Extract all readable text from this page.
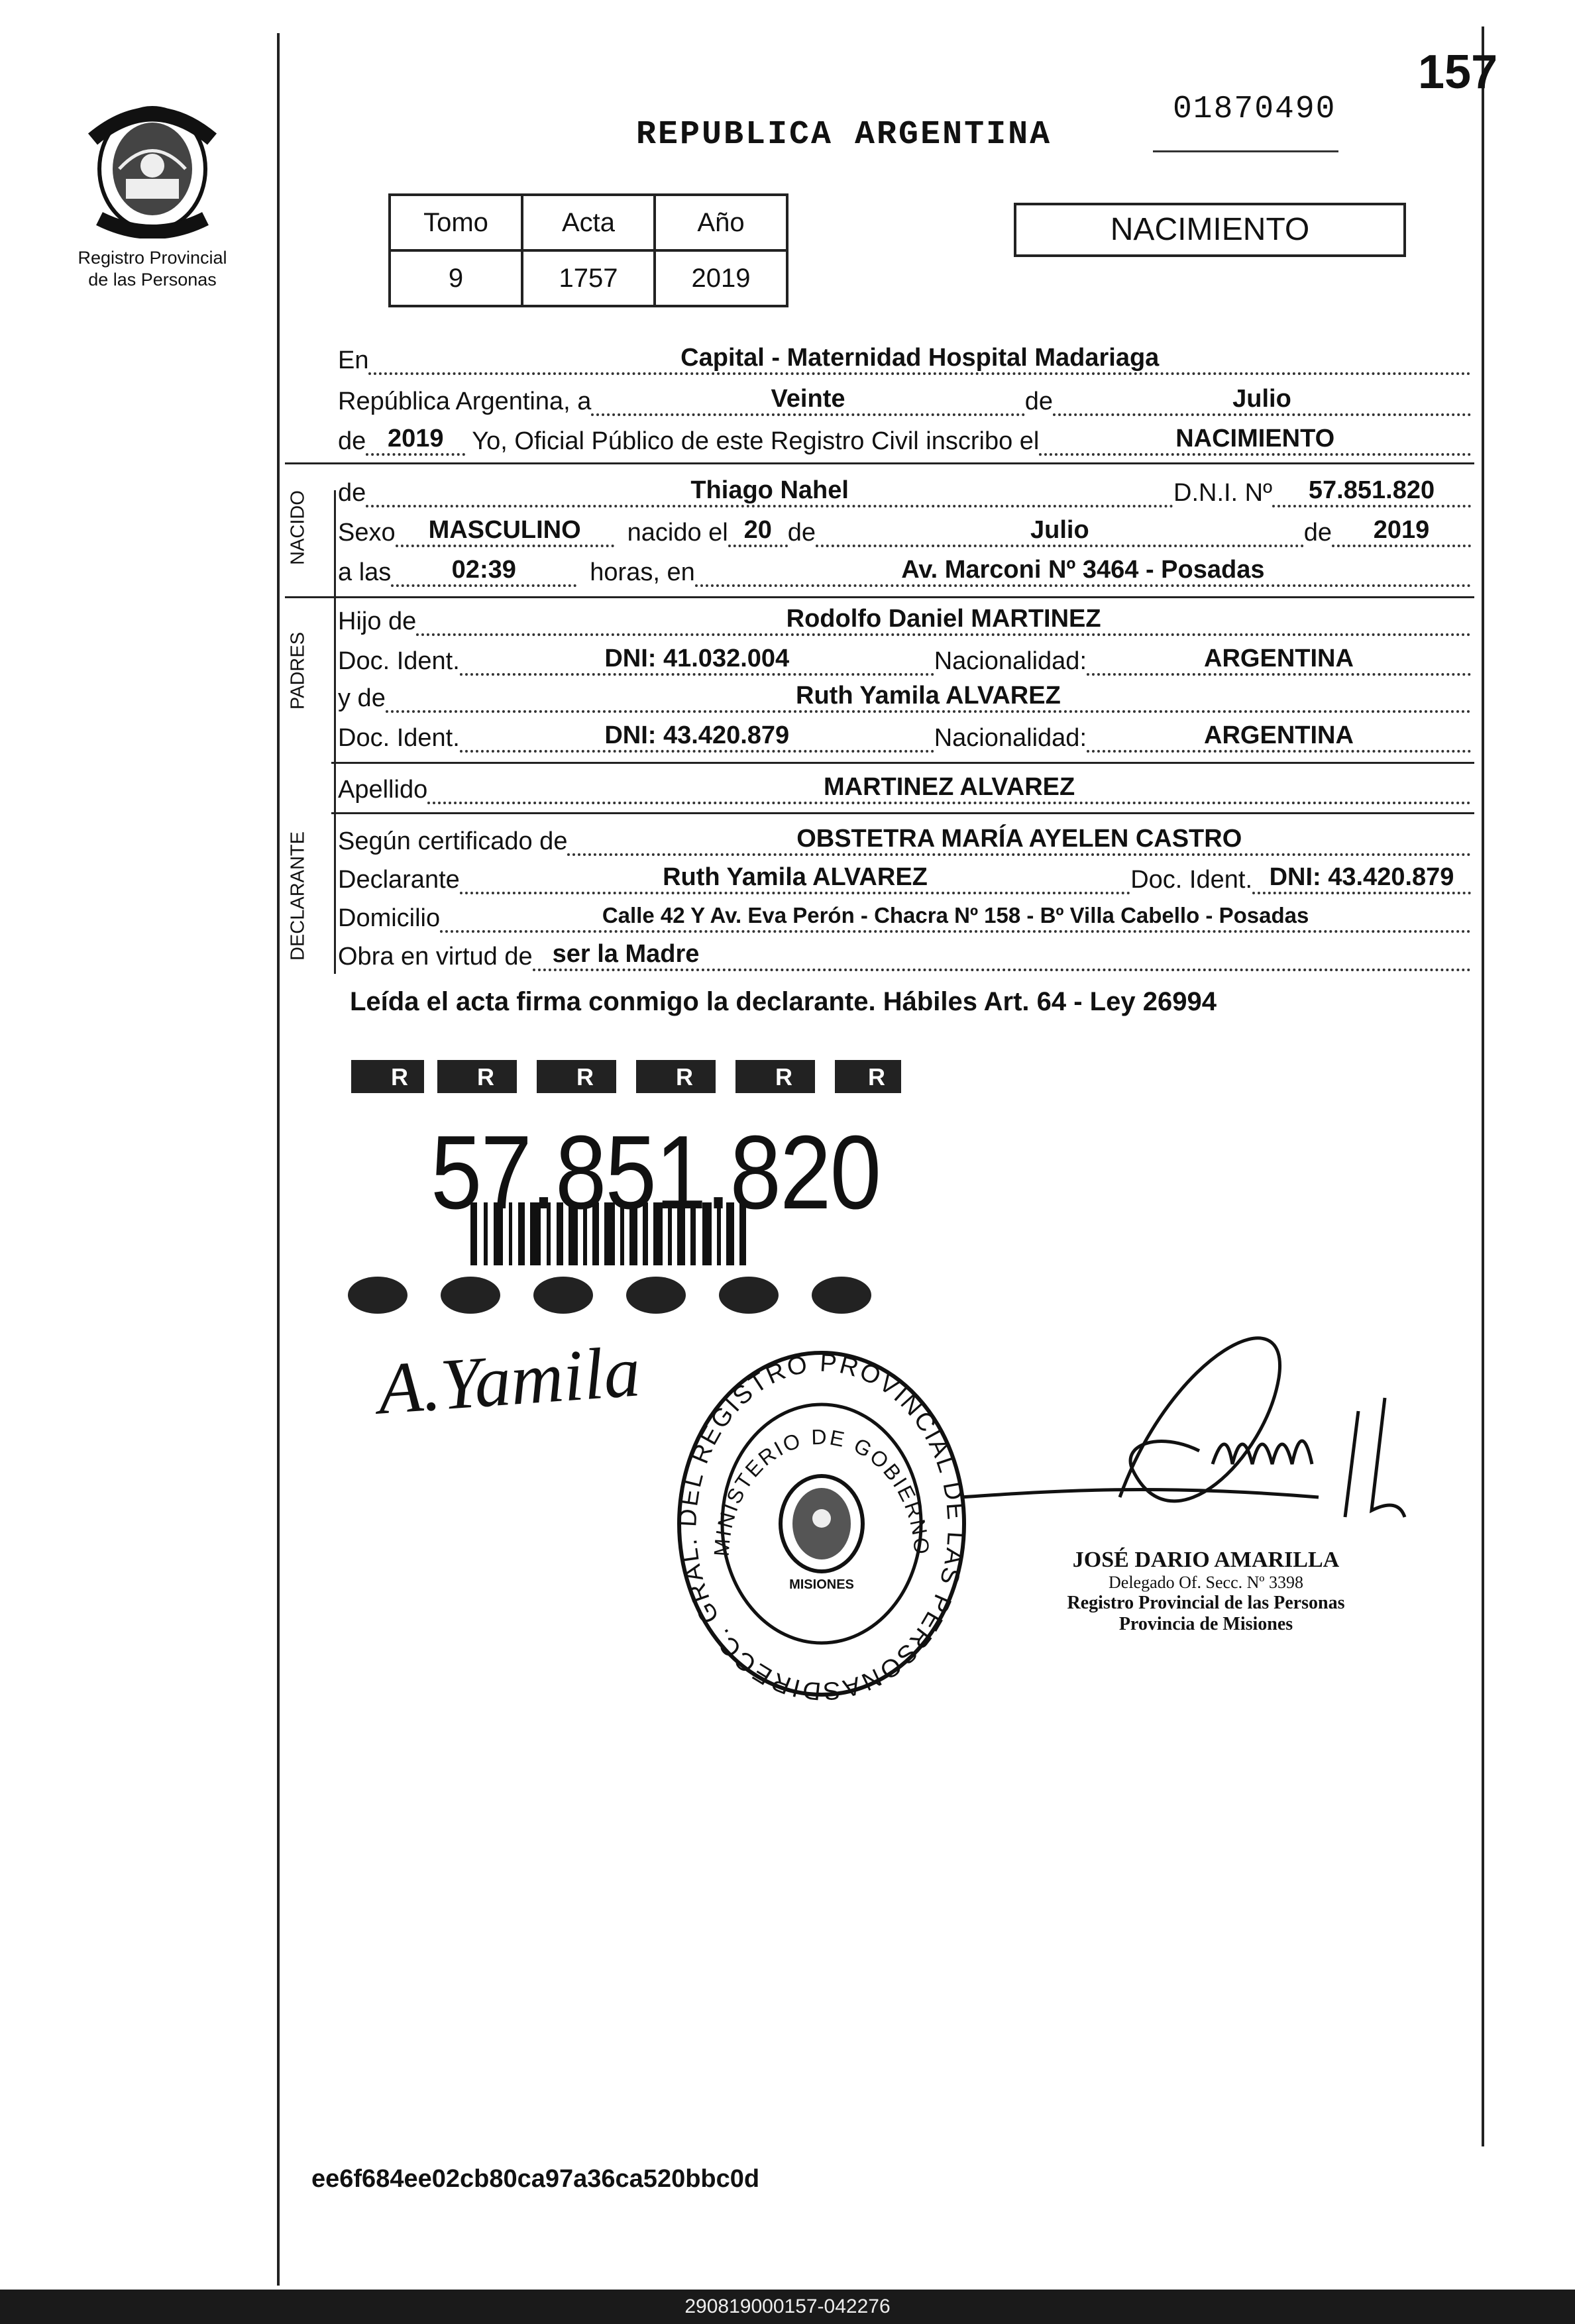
157
REPUBLICA ARGENTINA
01870490
Registro Provincial
de las Personas
Tomo	Acta	Año
9	1757	2019
NACIMIENTO
En	Capital - Maternidad Hospital Madariaga
República Argentina, a	Veinte	de	Julio
de 2019	Yo, Oficial Público de este Registro Civil inscribo el	NACIMIENTO
NACIDO de	Thiago Nahel	D.N.I. Nº	57.851.820
Sexo	MASCULINO	nacido el 20 de	Julio	de	2019
a las	02:39	horas, en	Av. Marconi Nº 3464 - Posadas
PADRES
Hijo de	Rodolfo Daniel MARTINEZ
Doc. Ident.	DNI: 41.032.004	Nacionalidad:	ARGENTINA
y de	Ruth Yamila ALVAREZ
Doc. Ident.	DNI: 43.420.879	Nacionalidad:	ARGENTINA
Apellido	MARTINEZ ALVAREZ
DECLARANTE Según certificado de	OBSTETRA MARÍA AYELEN CASTRO
Declarante	Ruth Yamila ALVAREZ	Doc. Ident. DNI: 43.420.879
Domicilio	Calle 42 Y Av. Eva Perón - Chacra Nº 158 - Bº Villa Cabello - Posadas
Obra en virtud de ser la Madre
Leída el acta firma conmigo la declarante. Hábiles Art. 64 - Ley 26994
R	R	R	R	R	R
57.851.820
A.Yamila
DIRECC. GRAL. DEL REGISTRO PROVINCIAL DE LAS PERSONAS
MINISTERIO DE GOBIERNO
MISIONES
JOSÉ DARIO AMARILLA
Delegado Of. Secc. Nº 3398
Registro Provincial de las Personas
Provincia de Misiones
ee6f684ee02cb80ca97a36ca520bbc0d
290819000157-042276
